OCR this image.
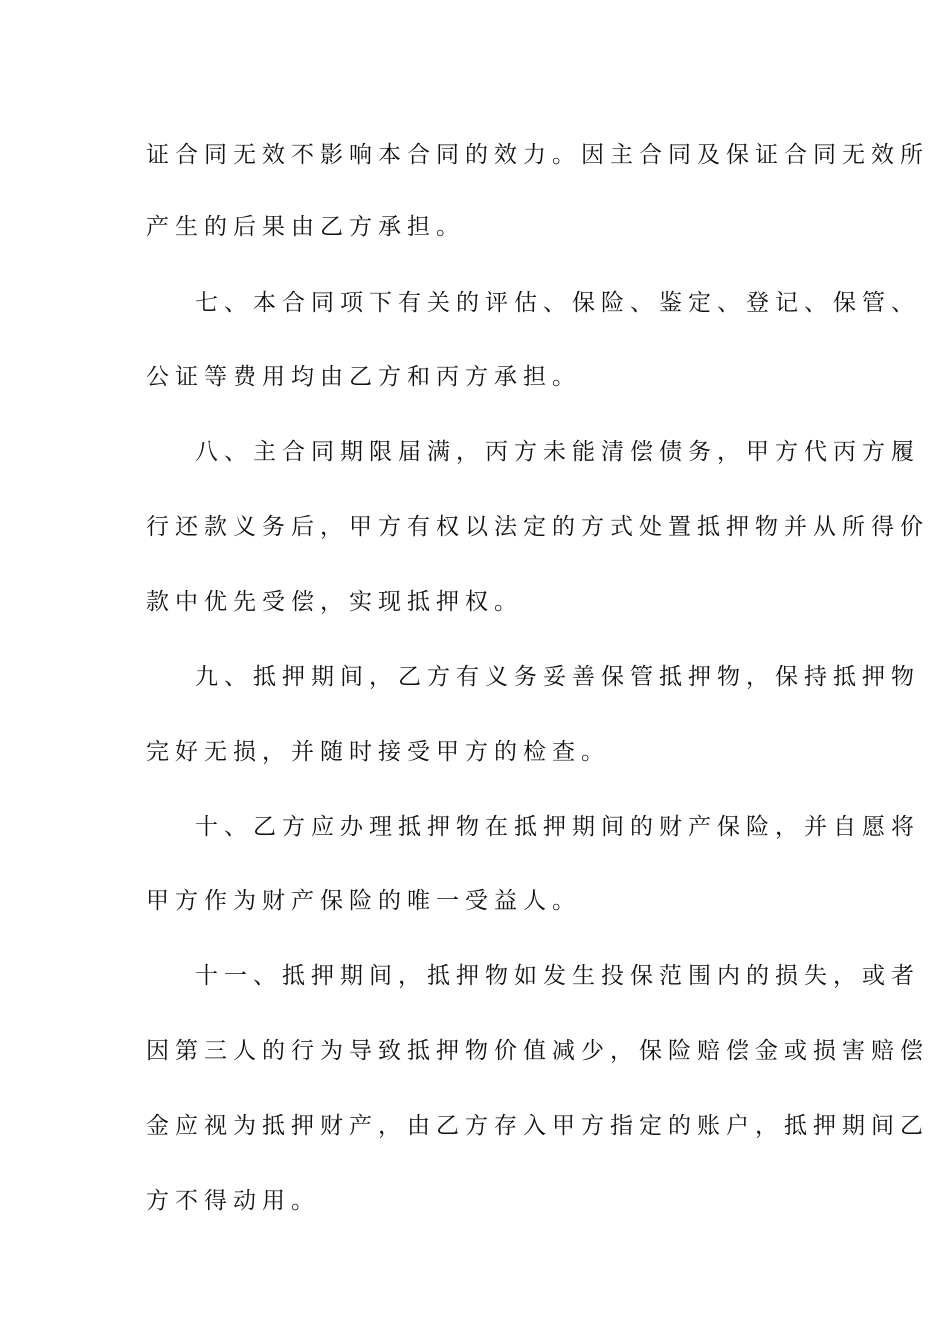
证合同无效不影响本合同的效力。因主合同及保证合同无效所
产生的后果由乙方承担。
七、本合同项下有关的评估、保险、鉴定、登记、保管、
公证等费用均由乙方和丙方承担。
八、主合同期限届满，丙方未能清偿债务，甲方代丙方履
行还款义务后，甲方有权以法定的方式处置抵押物并从所得价
款中优先受偿，实现抵押权。
九、抵押期间，乙方有义务妥善保管抵押物，保持抵押物
完好无损，并随时接受甲方的检查。
十、乙方应办理抵押物在抵押期间的财产保险，并自愿将
甲方作为财产保险的唯一受益人。
十一、抵押期间，抵押物如发生投保范围内的损失，或者
因第三人的行为导致抵押物价值减少，保险赔偿金或损害赔偿
金应视为抵押财产，由乙方存入甲方指定的账户，抵押期间乙
方不得动用。
